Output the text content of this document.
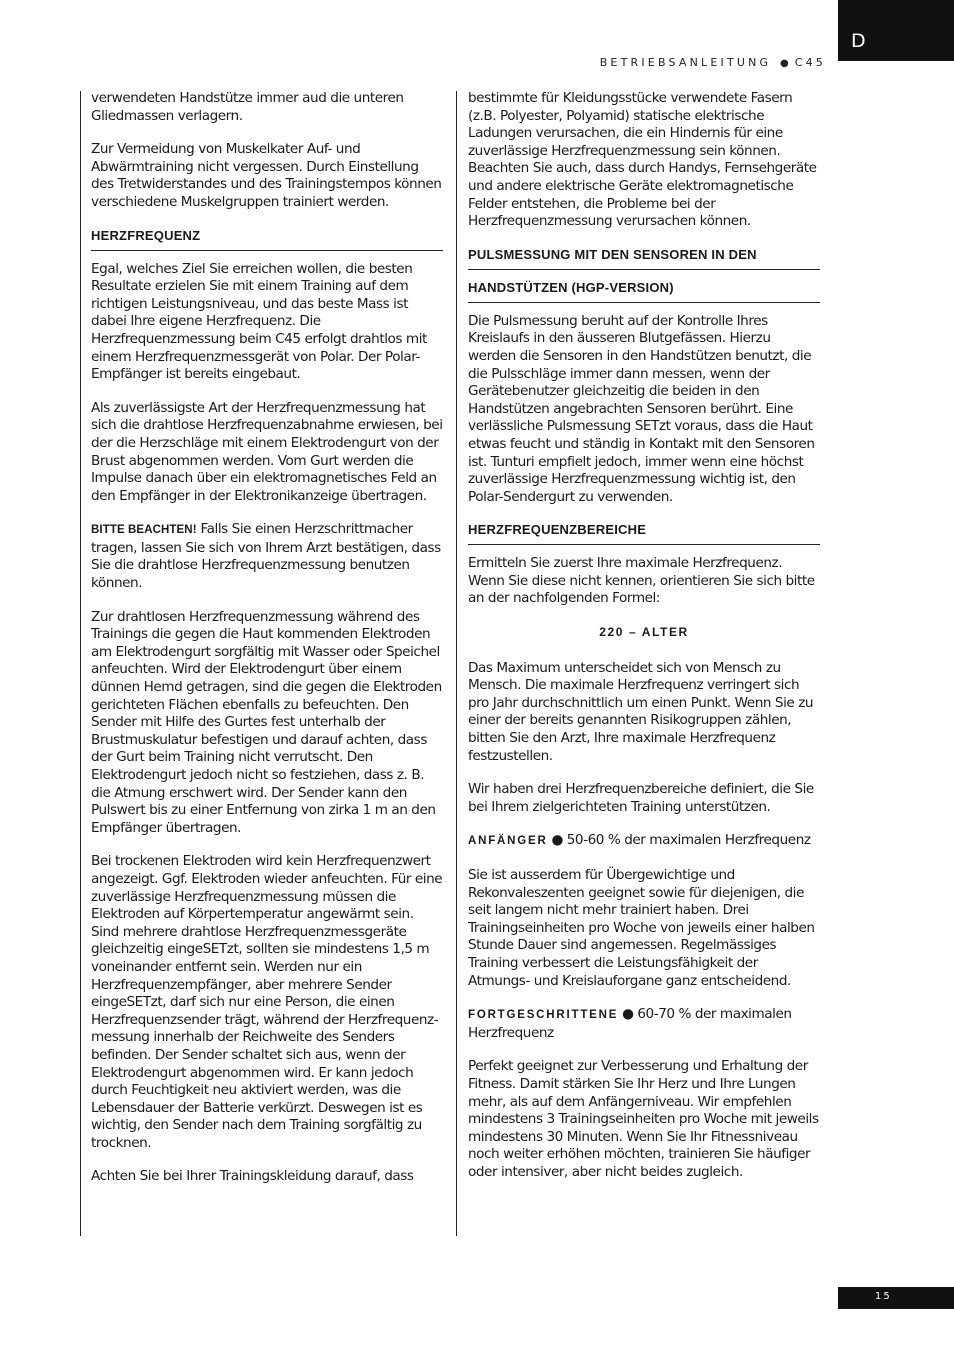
D
BETRIEBSANLEITUNG ● C45

verwendeten Handstütze immer aud die unteren Gliedmassen verlagern.

Zur Vermeidung von Muskelkater Auf- und Abwärmtraining nicht vergessen. Durch Einstellung des Tretwiderstandes und des Trainingstempos können verschiedene Muskelgruppen trainiert werden.

HERZFREQUENZ

Egal, welches Ziel Sie erreichen wollen, die besten Resultate erzielen Sie mit einem Training auf dem richtigen Leistungsniveau, und das beste Mass ist dabei Ihre eigene Herzfrequenz. Die Herzfrequenzmessung beim C45 erfolgt drahtlos mit einem Herzfrequenzmessgerät von Polar. Der Polar-Empfänger ist bereits eingebaut.

Als zuverlässigste Art der Herzfrequenzmessung hat sich die drahtlose Herzfrequenzabnahme erwiesen, bei der die Herzschläge mit einem Elektrodengurt von der Brust abgenommen werden. Vom Gurt werden die Impulse danach über ein elektromagnetisches Feld an den Empfänger in der Elektronikanzeige übertragen.

BITTE BEACHTEN! Falls Sie einen Herzschrittmacher tragen, lassen Sie sich von Ihrem Arzt bestätigen, dass Sie die drahtlose Herzfrequenzmessung benutzen können.

Zur drahtlosen Herzfrequenzmessung während des Trainings die gegen die Haut kommenden Elektroden am Elektrodengurt sorgfältig mit Wasser oder Speichel anfeuchten. Wird der Elektrodengurt über einem dünnen Hemd getragen, sind die gegen die Elektroden gerichteten Flächen ebenfalls zu befeuchten. Den Sender mit Hilfe des Gurtes fest unterhalb der Brustmuskulatur befestigen und darauf achten, dass der Gurt beim Training nicht verrutscht. Den Elektrodengurt jedoch nicht so festziehen, dass z. B. die Atmung erschwert wird. Der Sender kann den Pulswert bis zu einer Entfernung von zirka 1 m an den Empfänger übertragen.

Bei trockenen Elektroden wird kein Herzfrequenzwert angezeigt. Ggf. Elektroden wieder anfeuchten. Für eine zuverlässige Herzfrequenzmessung müssen die Elektroden auf Körpertemperatur angewärmt sein. Sind mehrere drahtlose Herzfrequenzmessgeräte gleichzeitig eingeSETzt, sollten sie mindestens 1,5 m voneinander entfernt sein. Werden nur ein Herzfrequenzempfänger, aber mehrere Sender eingeSETzt, darf sich nur eine Person, die einen Herzfrequenzsender trägt, während der Herzfrequenz-messung innerhalb der Reichweite des Senders befinden. Der Sender schaltet sich aus, wenn der Elektrodengurt abgenommen wird. Er kann jedoch durch Feuchtigkeit neu aktiviert werden, was die Lebensdauer der Batterie verkürzt. Deswegen ist es wichtig, den Sender nach dem Training sorgfältig zu trocknen.

Achten Sie bei Ihrer Trainingskleidung darauf, dass

bestimmte für Kleidungsstücke verwendete Fasern (z.B. Polyester, Polyamid) statische elektrische Ladungen verursachen, die ein Hindernis für eine zuverlässige Herzfrequenzmessung sein können. Beachten Sie auch, dass durch Handys, Fernsehgeräte und andere elektrische Geräte elektromagnetische Felder entstehen, die Probleme bei der Herzfrequenzmessung verursachen können.

PULSMESSUNG MIT DEN SENSOREN IN DEN
HANDSTÜTZEN (HGP-VERSION)

Die Pulsmessung beruht auf der Kontrolle Ihres Kreislaufs in den äusseren Blutgefässen. Hierzu werden die Sensoren in den Handstützen benutzt, die die Pulsschläge immer dann messen, wenn der Gerätebenutzer gleichzeitig die beiden in den Handstützen angebrachten Sensoren berührt. Eine verlässliche Pulsmessung SETzt voraus, dass die Haut etwas feucht und ständig in Kontakt mit den Sensoren ist. Tunturi empfielt jedoch, immer wenn eine höchst zuverlässige Herzfrequenzmessung wichtig ist, den Polar-Sendergurt zu verwenden.

HERZFREQUENZBEREICHE

Ermitteln Sie zuerst Ihre maximale Herzfrequenz. Wenn Sie diese nicht kennen, orientieren Sie sich bitte an der nachfolgenden Formel:

220 – ALTER

Das Maximum unterscheidet sich von Mensch zu Mensch. Die maximale Herzfrequenz verringert sich pro Jahr durchschnittlich um einen Punkt. Wenn Sie zu einer der bereits genannten Risikogruppen zählen, bitten Sie den Arzt, Ihre maximale Herzfrequenz festzustellen.

Wir haben drei Herzfrequenzbereiche definiert, die Sie bei Ihrem zielgerichteten Training unterstützen.

ANFÄNGER ● 50-60 % der maximalen Herzfrequenz

Sie ist ausserdem für Übergewichtige und Rekonvaleszenten geeignet sowie für diejenigen, die seit langem nicht mehr trainiert haben. Drei Trainingseinheiten pro Woche von jeweils einer halben Stunde Dauer sind angemessen. Regelmässiges Training verbessert die Leistungsfähigkeit der Atmungs- und Kreislauforgane ganz entscheidend.

FORTGESCHRITTENE ● 60-70 % der maximalen Herzfrequenz

Perfekt geeignet zur Verbesserung und Erhaltung der Fitness. Damit stärken Sie Ihr Herz und Ihre Lungen mehr, als auf dem Anfängerniveau. Wir empfehlen mindestens 3 Trainingseinheiten pro Woche mit jeweils mindestens 30 Minuten. Wenn Sie Ihr Fitnessniveau noch weiter erhöhen möchten, trainieren Sie häufiger oder intensiver, aber nicht beides zugleich.

15
